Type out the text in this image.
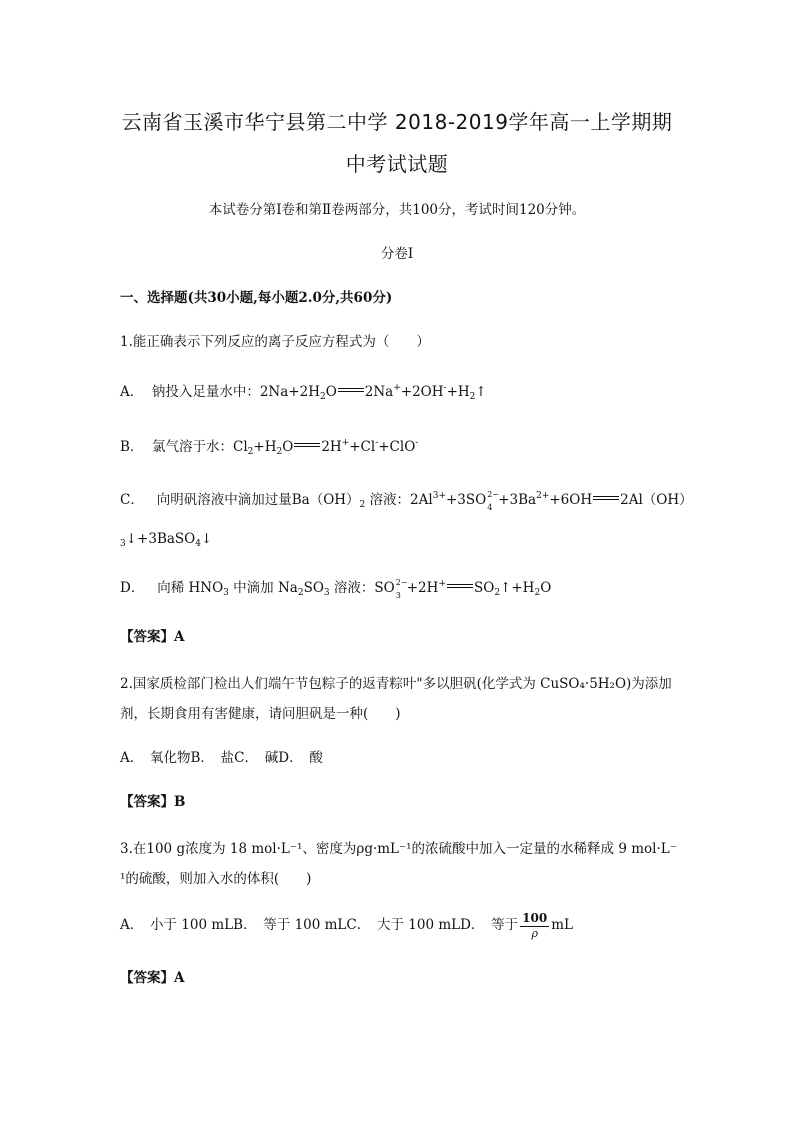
云南省玉溪市华宁县第二中学 2018-2019学年高一上学期期
中考试试题
本试卷分第Ⅰ卷和第Ⅱ卷两部分，共100分，考试时间120分钟。
分卷I
一、选择题(共30小题,每小题2.0分,共60分)
1.能正确表示下列反应的离子反应方程式为（　　）
A． 钠投入足量水中：$2Na+2H_2O$ $2Na^++2OH^-+H_2↑$
B． 氯气溶于水：$Cl_2+H_2O$ 2H++Cl-+ClO-
C． 向明矾溶液中滴加过量$Ba(OH)_2$ 溶液：$2Al^{3+}+3SO$ 2−
$4 +3Ba^{2+}+6OH$ 2Al（OH）
$_3$↓+3BaSO$_4$↓
D． 向稀 $HNO_3$ 中滴加 $Na_2SO_3$ 溶液：SO 2−
3 +2H+ $SO_2↑+H_2O$
【答案】A
2.国家质检部门检出人们端午节包粽子的返青粽叶"多以胆矾(化学式为 CuSO₄·5H₂O)为添加
剂，长期食用有害健康，请问胆矾是一种(　　)
A．　氧化物B．　盐C．　碱D．　酸
【答案】B
3.在100 g浓度为 18 mol·L⁻¹、密度为ρg·mL⁻¹的浓硫酸中加入一定量的水稀释成 9 mol·L⁻
¹的硫酸，则加入水的体积(　　)
A．　小于 100 mLB．　等于 100 mLC．　大于 100 mLD．　等于 $\frac{100}{\rho}$ mL
【答案】A
